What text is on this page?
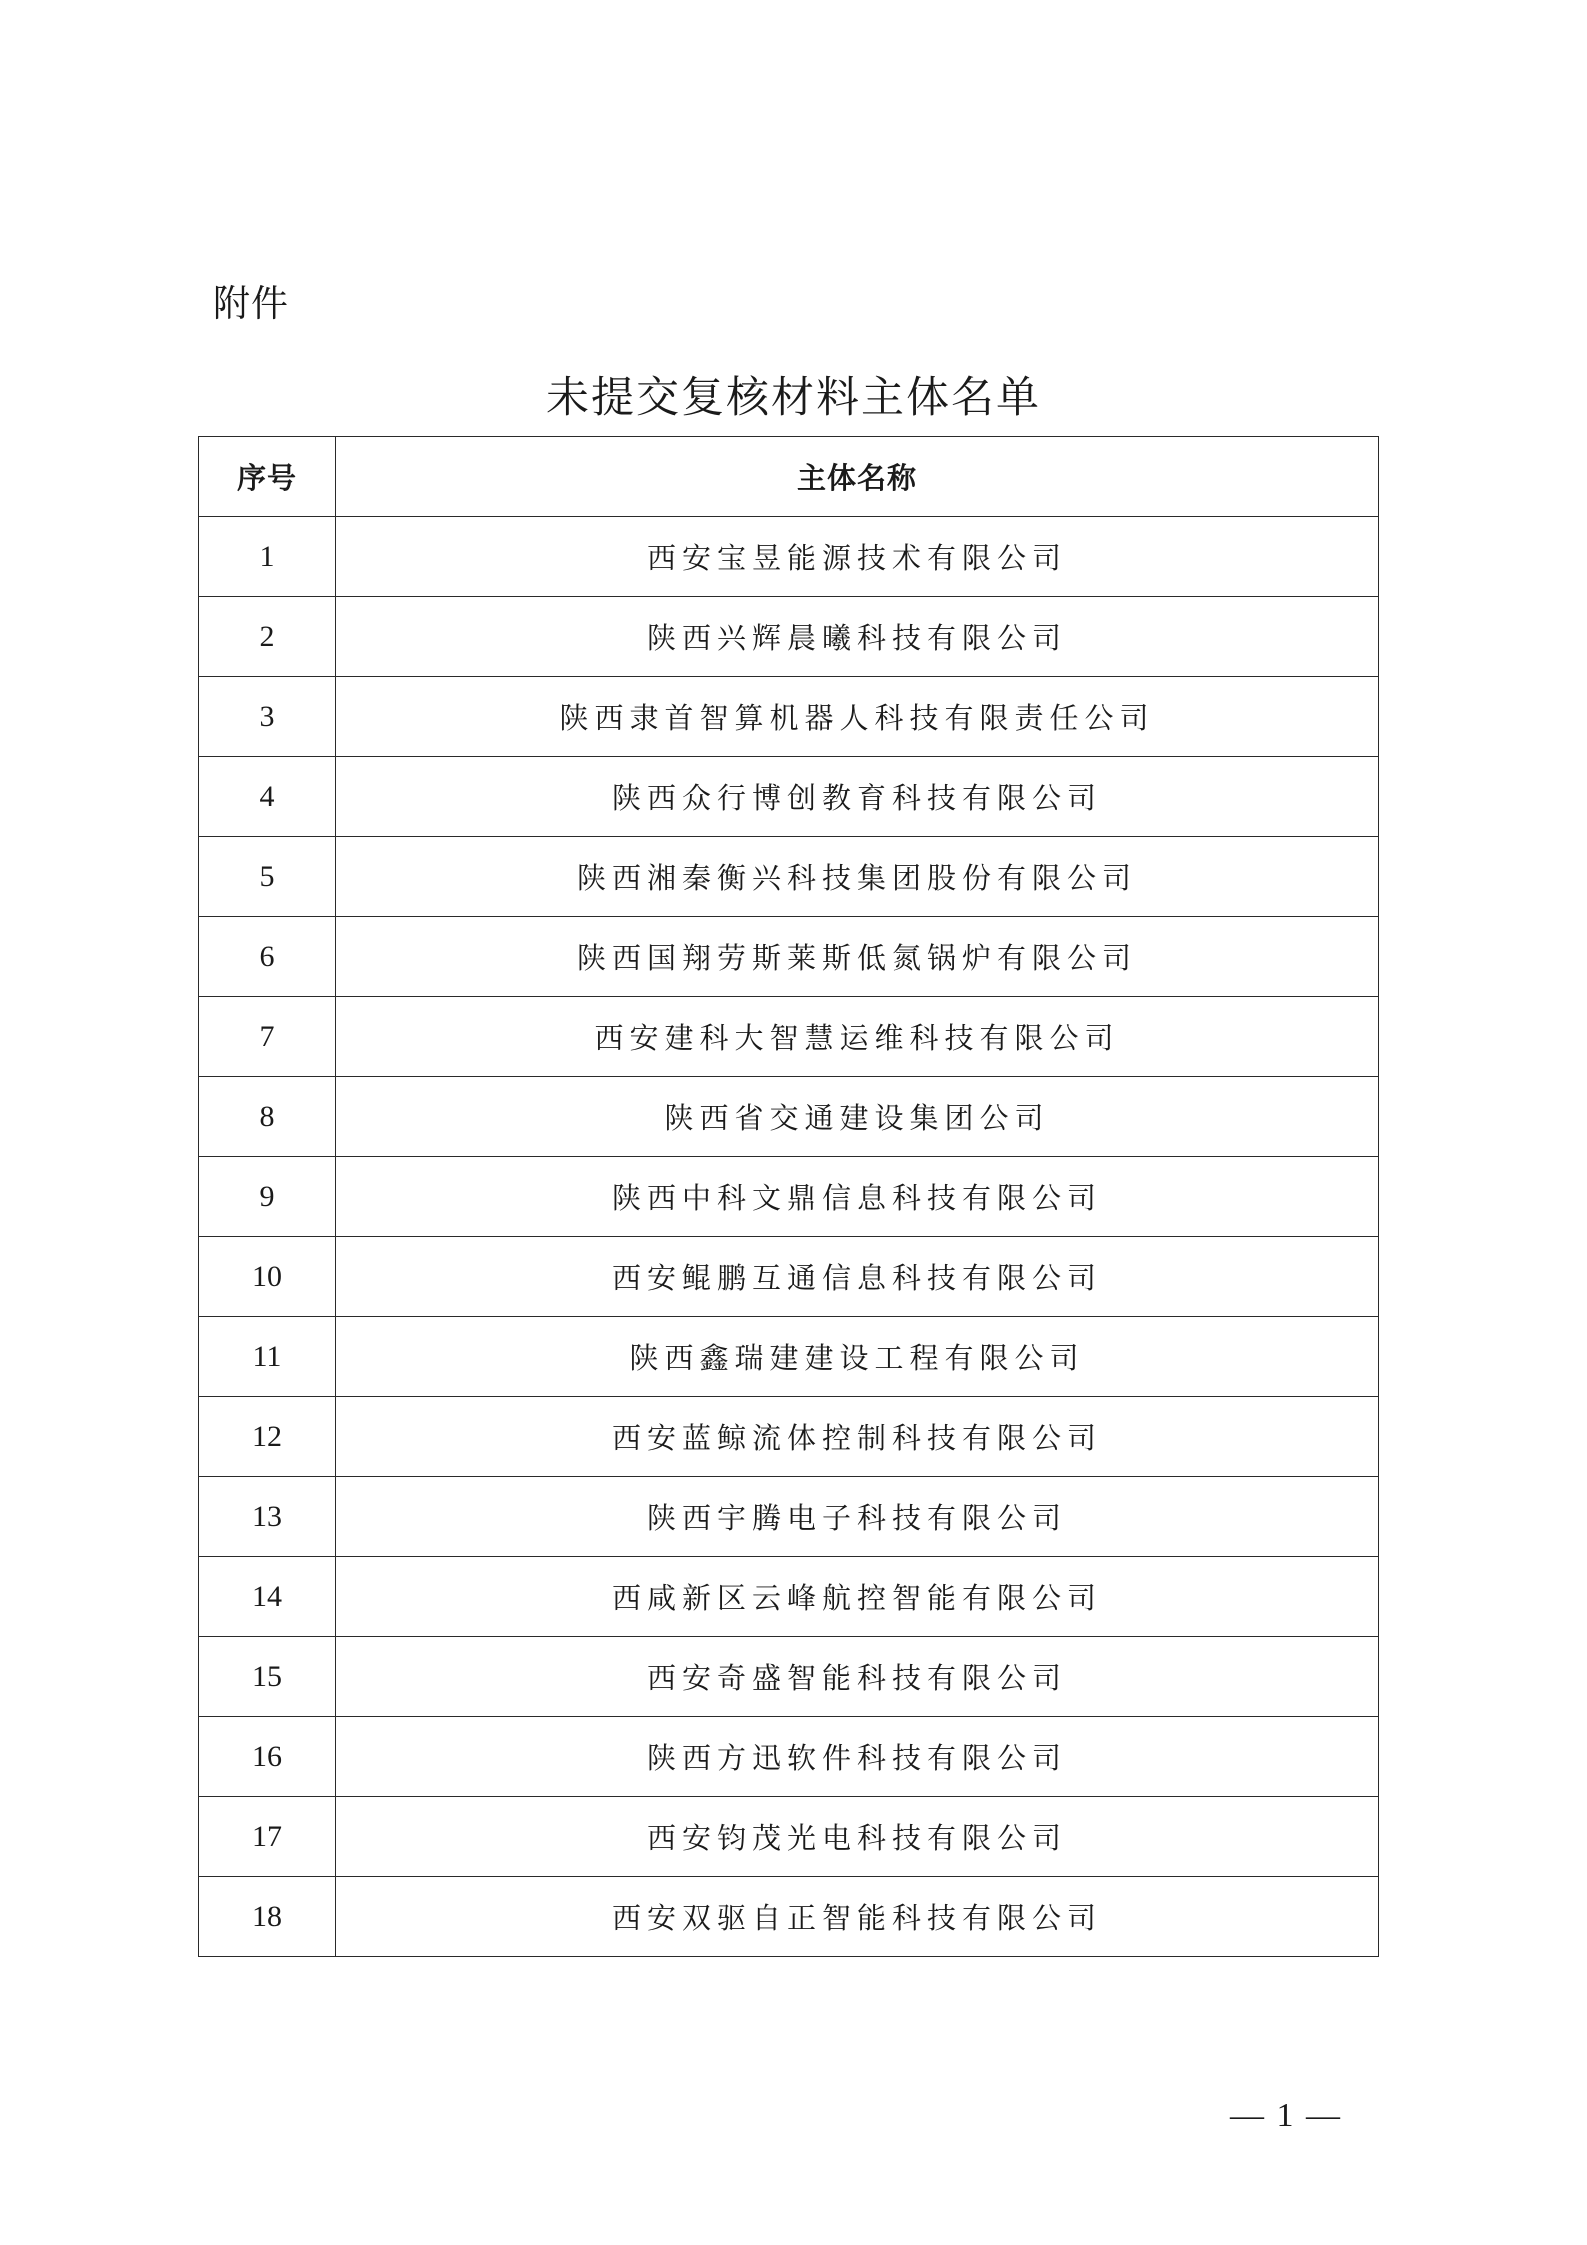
附件
未提交复核材料主体名单
序号	主体名称
1	西安宝昱能源技术有限公司
2	陕西兴辉晨曦科技有限公司
3	陕西隶首智算机器人科技有限责任公司
4	陕西众行博创教育科技有限公司
5	陕西湘秦衡兴科技集团股份有限公司
6	陕西国翔劳斯莱斯低氮锅炉有限公司
7	西安建科大智慧运维科技有限公司
8	陕西省交通建设集团公司
9	陕西中科文鼎信息科技有限公司
10	西安鲲鹏互通信息科技有限公司
11	陕西鑫瑞建建设工程有限公司
12	西安蓝鲸流体控制科技有限公司
13	陕西宇腾电子科技有限公司
14	西咸新区云峰航控智能有限公司
15	西安奇盛智能科技有限公司
16	陕西方迅软件科技有限公司
17	西安钧茂光电科技有限公司
18	西安双驱自正智能科技有限公司
— 1 —
